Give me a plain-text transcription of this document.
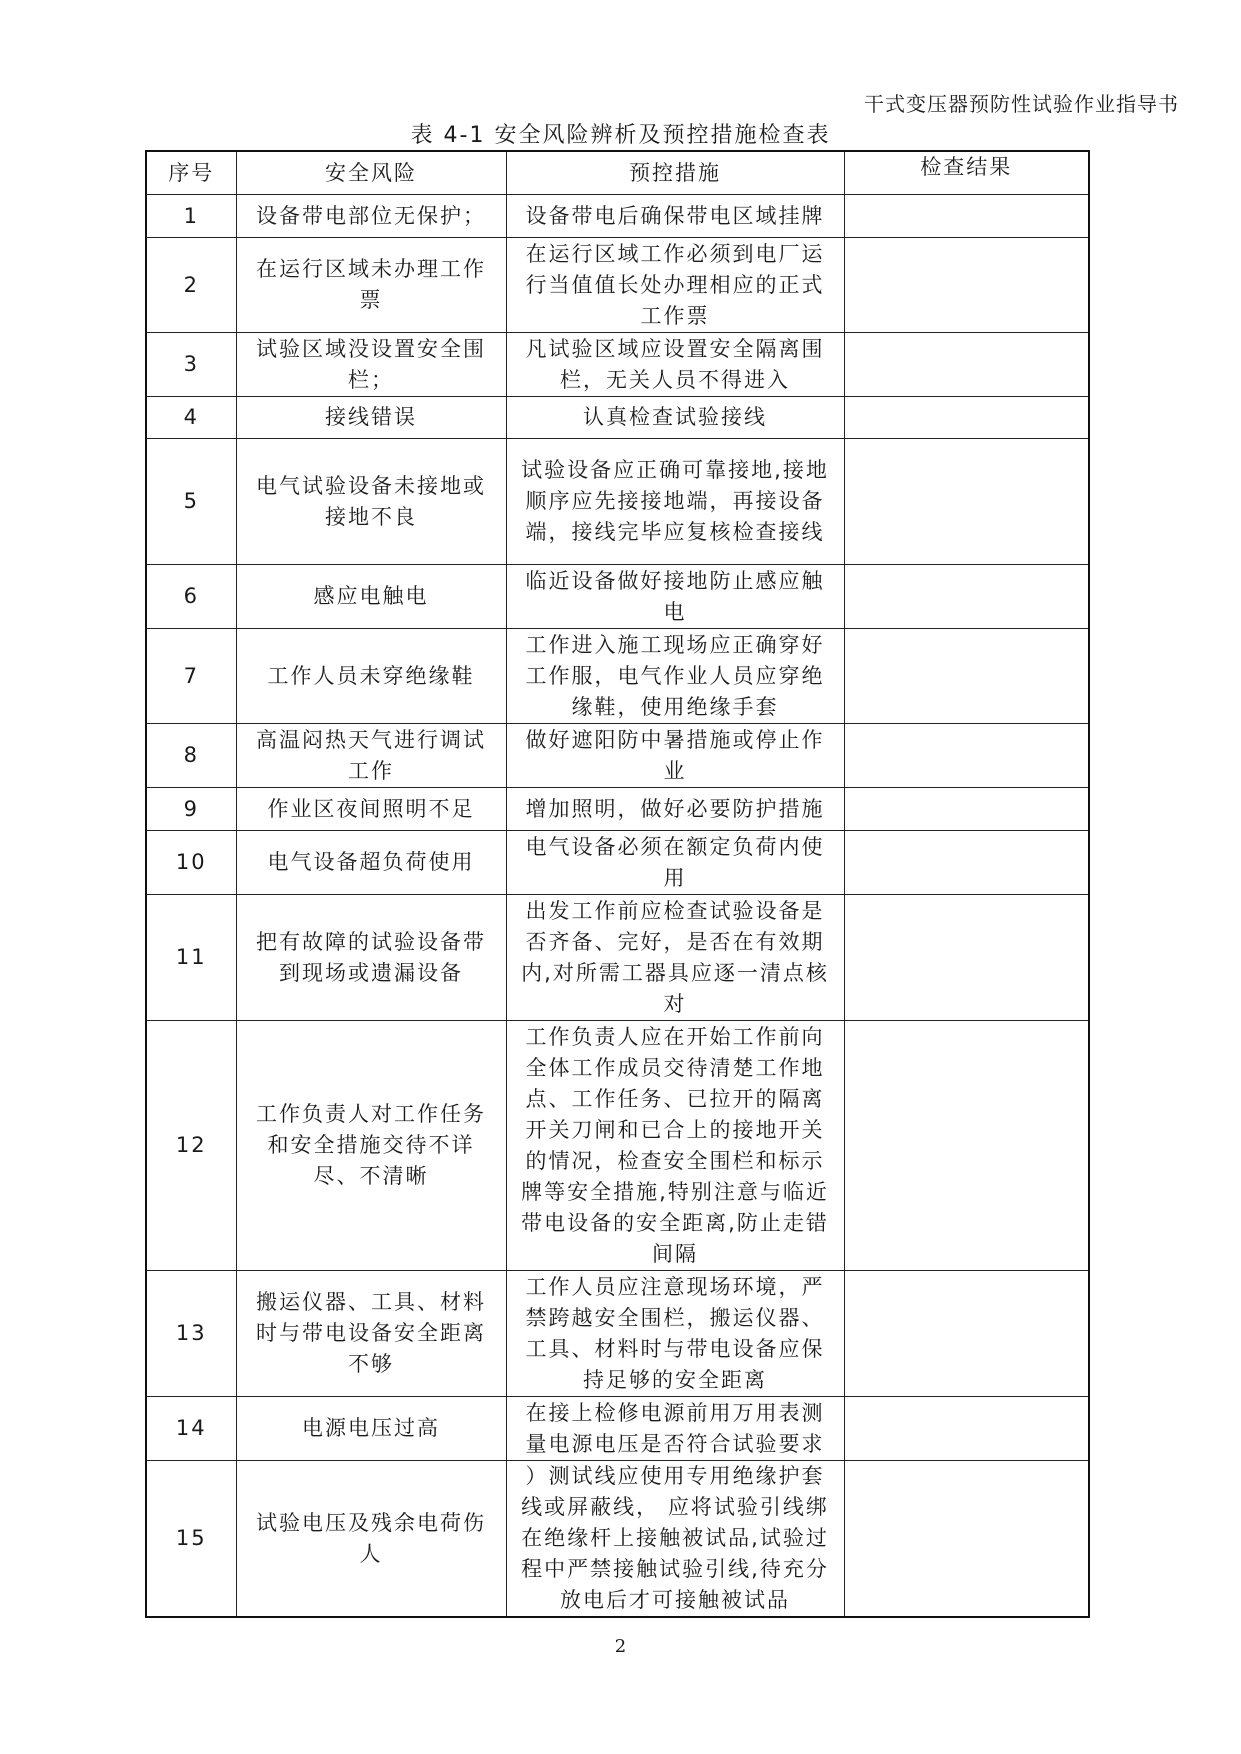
干式变压器预防性试验作业指导书
表 4-1 安全风险辨析及预控措施检查表
序号	安全风险	预控措施	检查结果
1	设备带电部位无保护；	设备带电后确保带电区域挂牌	
2	在运行区域未办理工作票	在运行区域工作必须到电厂运行当值值长处办理相应的正式工作票	
3	试验区域没设置安全围栏；	凡试验区域应设置安全隔离围栏，无关人员不得进入	
4	接线错误	认真检查试验接线	
5	电气试验设备未接地或接地不良	试验设备应正确可靠接地,接地顺序应先接接地端，再接设备端，接线完毕应复核检查接线	
6	感应电触电	临近设备做好接地防止感应触电	
7	工作人员未穿绝缘鞋	工作进入施工现场应正确穿好工作服，电气作业人员应穿绝缘鞋，使用绝缘手套	
8	高温闷热天气进行调试工作	做好遮阳防中暑措施或停止作业	
9	作业区夜间照明不足	增加照明，做好必要防护措施	
10	电气设备超负荷使用	电气设备必须在额定负荷内使用	
11	把有故障的试验设备带到现场或遗漏设备	出发工作前应检查试验设备是否齐备、完好，是否在有效期内,对所需工器具应逐一清点核对	
12	工作负责人对工作任务和安全措施交待不详尽、不清晰	工作负责人应在开始工作前向全体工作成员交待清楚工作地点、工作任务、已拉开的隔离开关刀闸和已合上的接地开关的情况，检查安全围栏和标示牌等安全措施,特别注意与临近带电设备的安全距离,防止走错间隔	
13	搬运仪器、工具、材料时与带电设备安全距离不够	工作人员应注意现场环境，严禁跨越安全围栏，搬运仪器、工具、材料时与带电设备应保持足够的安全距离	
14	电源电压过高	在接上检修电源前用万用表测量电源电压是否符合试验要求	
15	试验电压及残余电荷伤人	）测试线应使用专用绝缘护套线或屏蔽线， 应将试验引线绑在绝缘杆上接触被试品,试验过程中严禁接触试验引线,待充分放电后才可接触被试品	
2
